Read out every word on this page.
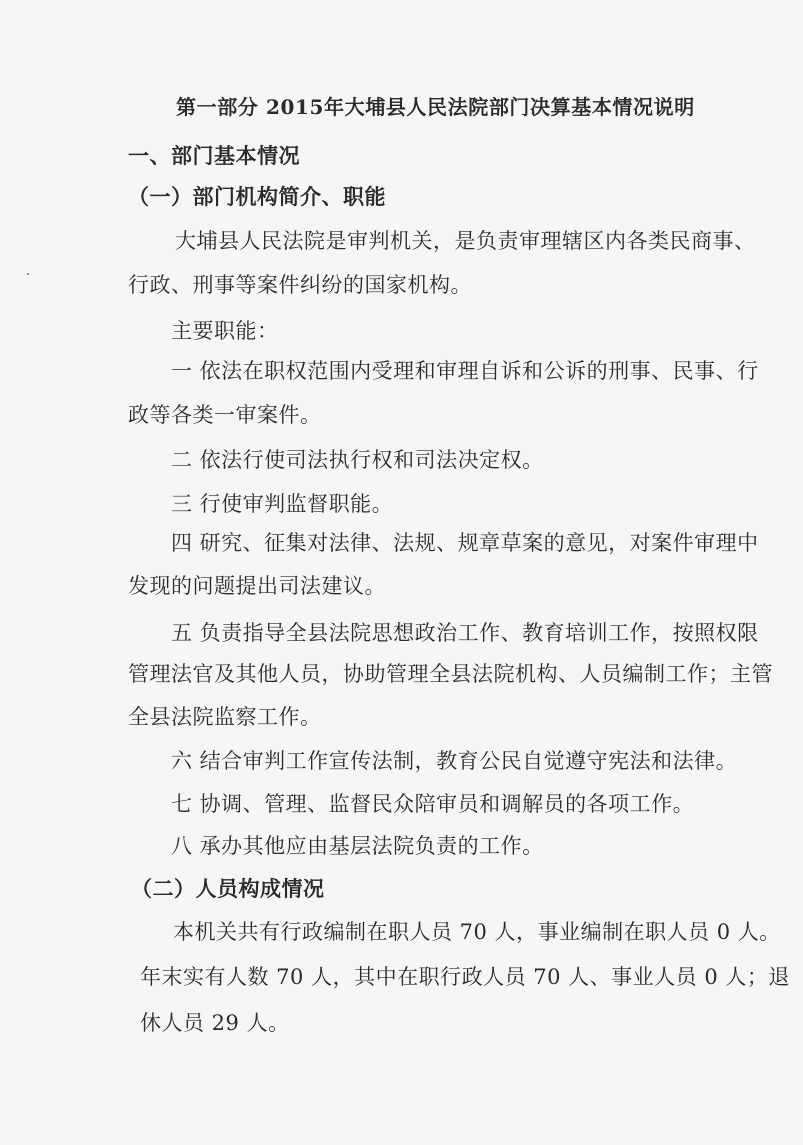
第一部分 2015年大埔县人民法院部门决算基本情况说明
一、部门基本情况
（一）部门机构简介、职能
大埔县人民法院是审判机关，是负责审理辖区内各类民商事、
行政、刑事等案件纠纷的国家机构。
主要职能：
一 依法在职权范围内受理和审理自诉和公诉的刑事、民事、行
政等各类一审案件。
二 依法行使司法执行权和司法决定权。
三 行使审判监督职能。
四 研究、征集对法律、法规、规章草案的意见，对案件审理中
发现的问题提出司法建议。
五 负责指导全县法院思想政治工作、教育培训工作，按照权限
管理法官及其他人员，协助管理全县法院机构、人员编制工作；主管
全县法院监察工作。
六 结合审判工作宣传法制，教育公民自觉遵守宪法和法律。
七 协调、管理、监督民众陪审员和调解员的各项工作。
八 承办其他应由基层法院负责的工作。
（二）人员构成情况
本机关共有行政编制在职人员 70 人，事业编制在职人员 0 人。
年末实有人数 70 人，其中在职行政人员 70 人、事业人员 0 人；退
休人员 29 人。
